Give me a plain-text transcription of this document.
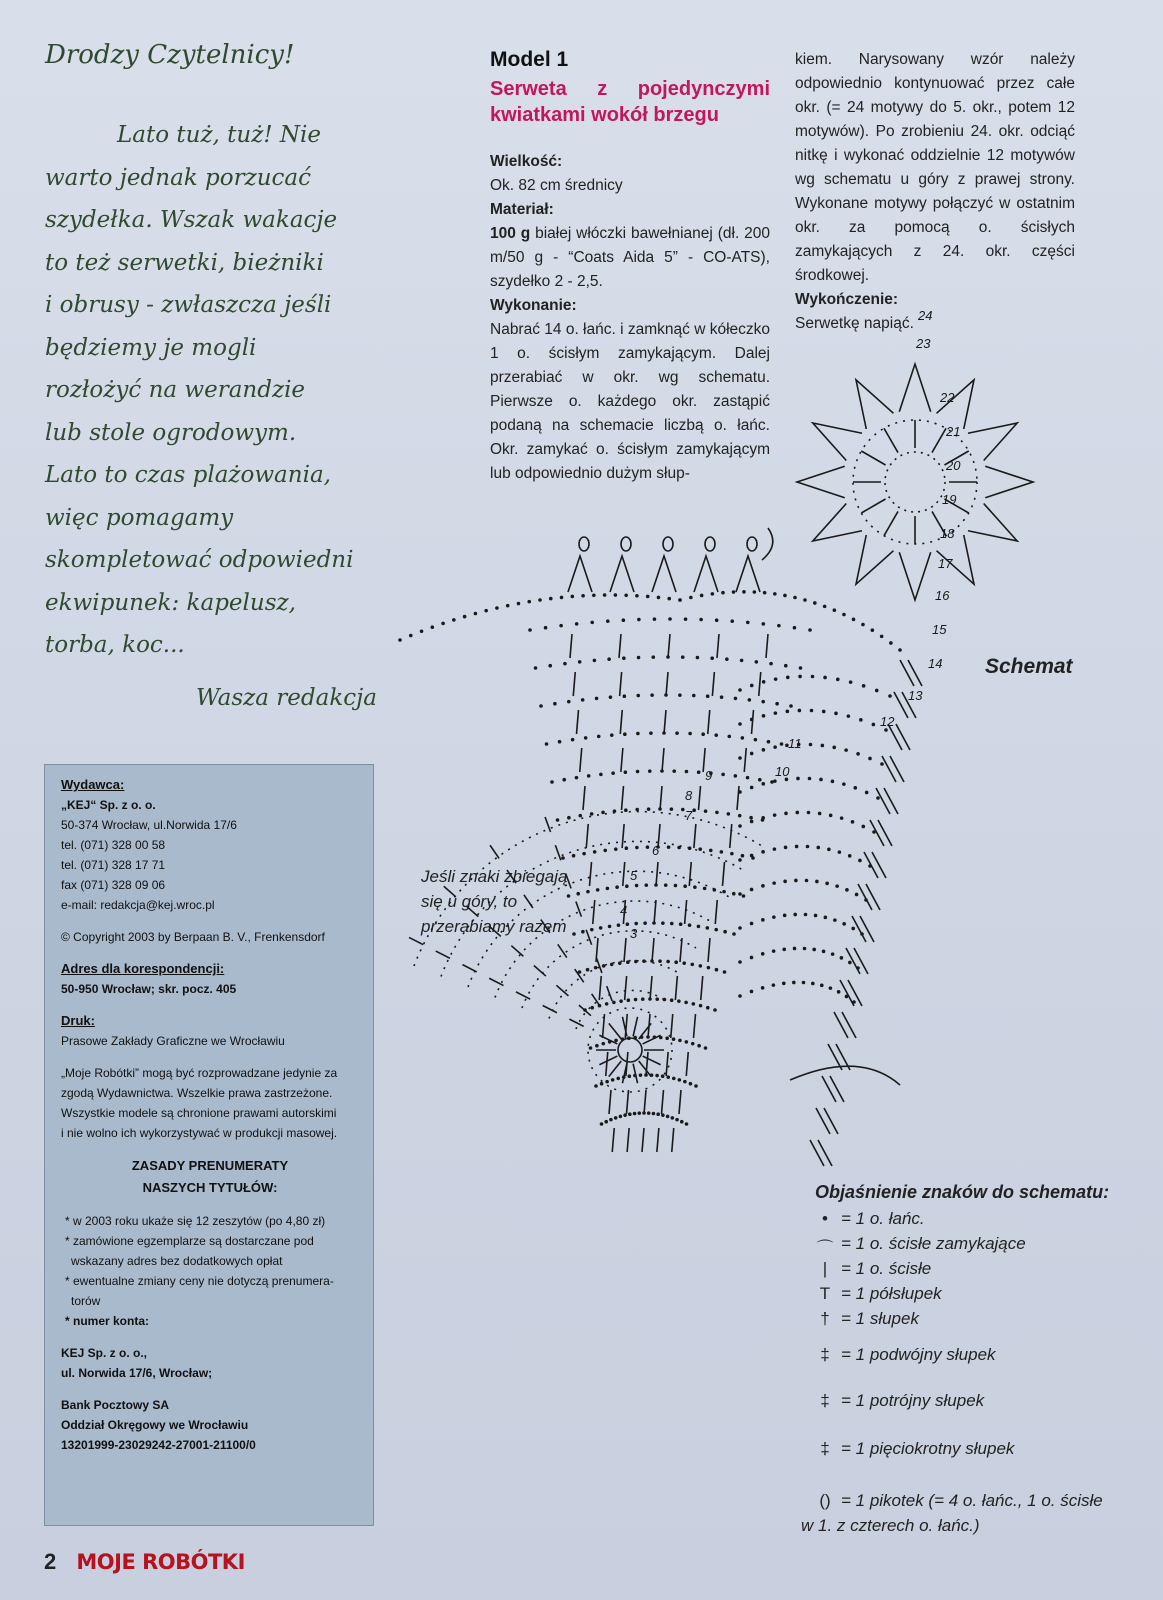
Drodzy Czytelnicy!

Lato tuż, tuż! Nie
warto jednak porzucać
szydełka. Wszak wakacje
to też serwetki, bieżniki
i obrusy - zwłaszcza jeśli
będziemy je mogli
rozłożyć na werandzie
lub stole ogrodowym.
Lato to czas plażowania,
więc pomagamy
skompletować odpowiedni
ekwipunek: kapelusz,
torba, koc...

Wasza redakcja

Wydawca:

„KEJ“ Sp. z o. o.

50-374 Wrocław, ul.Norwida 17/6

tel. (071) 328 00 58

tel. (071) 328 17 71

fax (071) 328 09 06

e-mail: redakcja@kej.wroc.pl

© Copyright 2003 by Berpaan B. V., Frenkensdorf

Adres dla korespondencji:

50-950 Wrocław; skr. pocz. 405

Druk:

Prasowe Zakłady Graficzne we Wrocławiu

„Moje Robótki” mogą być rozprowadzane jedynie za

zgodą Wydawnictwa. Wszelkie prawa zastrzeżone.

Wszystkie modele są chronione prawami autorskimi

i nie wolno ich wykorzystywać w produkcji masowej.

ZASADY PRENUMERATY
NASZYCH TYTUŁÓW:
* w 2003 roku ukaże się 12 zeszytów (po 4,80 zł)
* zamówione egzemplarze są dostarczane pod
wskazany adres bez dodatkowych opłat
* ewentualne zmiany ceny nie dotyczą prenumera-
torów
* numer konta:

KEJ Sp. z o. o.,

ul. Norwida 17/6, Wrocław;

Bank Pocztowy SA

Oddział Okręgowy we Wrocławiu

13201999-23029242-27001-21100/0

2 MOJE ROBÓTKI

Model 1

Serweta z pojedynczymi kwiatkami wokół brzegu

Wielkość:

Ok. 82 cm średnicy

Materiał:

100 g białej włóczki bawełnianej (dł. 200 m/50 g - “Coats Aida 5” - CO-ATS), szydełko 2 - 2,5.

Wykonanie:

Nabrać 14 o. łańc. i zamknąć w kółeczko 1 o. ścisłym zamykającym. Dalej przerabiać w okr. wg schematu. Pierwsze o. każdego okr. zastąpić podaną na schemacie liczbą o. łańc. Okr. zamykać o. ścisłym zamykającym lub odpowiednio dużym słup-

kiem. Narysowany wzór należy odpowiednio kontynuować przez całe okr. (= 24 motywy do 5. okr., potem 12 motywów). Po zrobieniu 24. okr. odciąć nitkę i wykonać oddzielnie 12 motywów wg schematu u góry z prawej strony. Wykonane motywy połączyć w ostatnim okr. za pomocą o. ścisłych zamykających z 24. okr. części środkowej.

Wykończenie:

Serwetkę napiąć.

Schemat
Jeśli znaki zbiegają się u góry, to przerabiamy razem	3
4
5
6
7
8
9	10
11
12
13
14
15
16
17
18
19
20
21
22
23
24

Objaśnienie znaków do schematu:

• = 1 o. łańc.
⌒ = 1 o. ścisłe zamykające
| = 1 o. ścisłe
T = 1 półsłupek
† = 1 słupek
‡ = 1 podwójny słupek
‡ = 1 potrójny słupek
‡ = 1 pięciokrotny słupek
() = 1 pikotek (= 4 o. łańc., 1 o. ścisłe
w 1. z czterech o. łańc.)
